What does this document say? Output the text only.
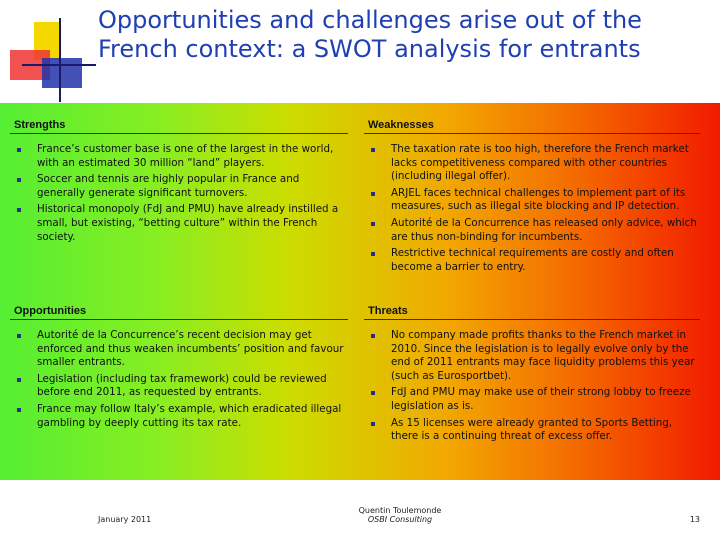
Opportunities and challenges arise out of the French context: a SWOT analysis for entrants
Strengths
France’s customer base is one of the largest in the world, with an estimated 30 million “land” players.
Soccer and tennis are highly popular in France and generally generate significant turnovers.
Historical monopoly (FdJ and PMU) have already instilled a small, but existing, “betting culture” within the French society.
Weaknesses
The taxation rate is too high, therefore the French market lacks competitiveness compared with other countries (including illegal offer).
ARJEL faces technical challenges to implement part of its measures, such as illegal site blocking and IP detection.
Autorité de la Concurrence has released only advice, which are thus non-binding for incumbents.
Restrictive technical requirements are costly and often become a barrier to entry.
Opportunities
Autorité de la Concurrence’s recent decision may get enforced and thus weaken incumbents’ position and favour smaller entrants.
Legislation (including tax framework) could be reviewed before end 2011, as requested by entrants.
France may follow Italy’s example, which eradicated illegal gambling by deeply cutting its tax rate.
Threats
No company made profits thanks to the French market in 2010. Since the legislation is to legally evolve only by the end of 2011 entrants may face liquidity problems this year (such as Eurosportbet).
FdJ and PMU may make use of their strong lobby to freeze legislation as is.
As 15 licenses were already granted to Sports Betting, there is a continuing threat of excess offer.
January 2011
Quentin Toulemonde
OSBI Consulting	13
